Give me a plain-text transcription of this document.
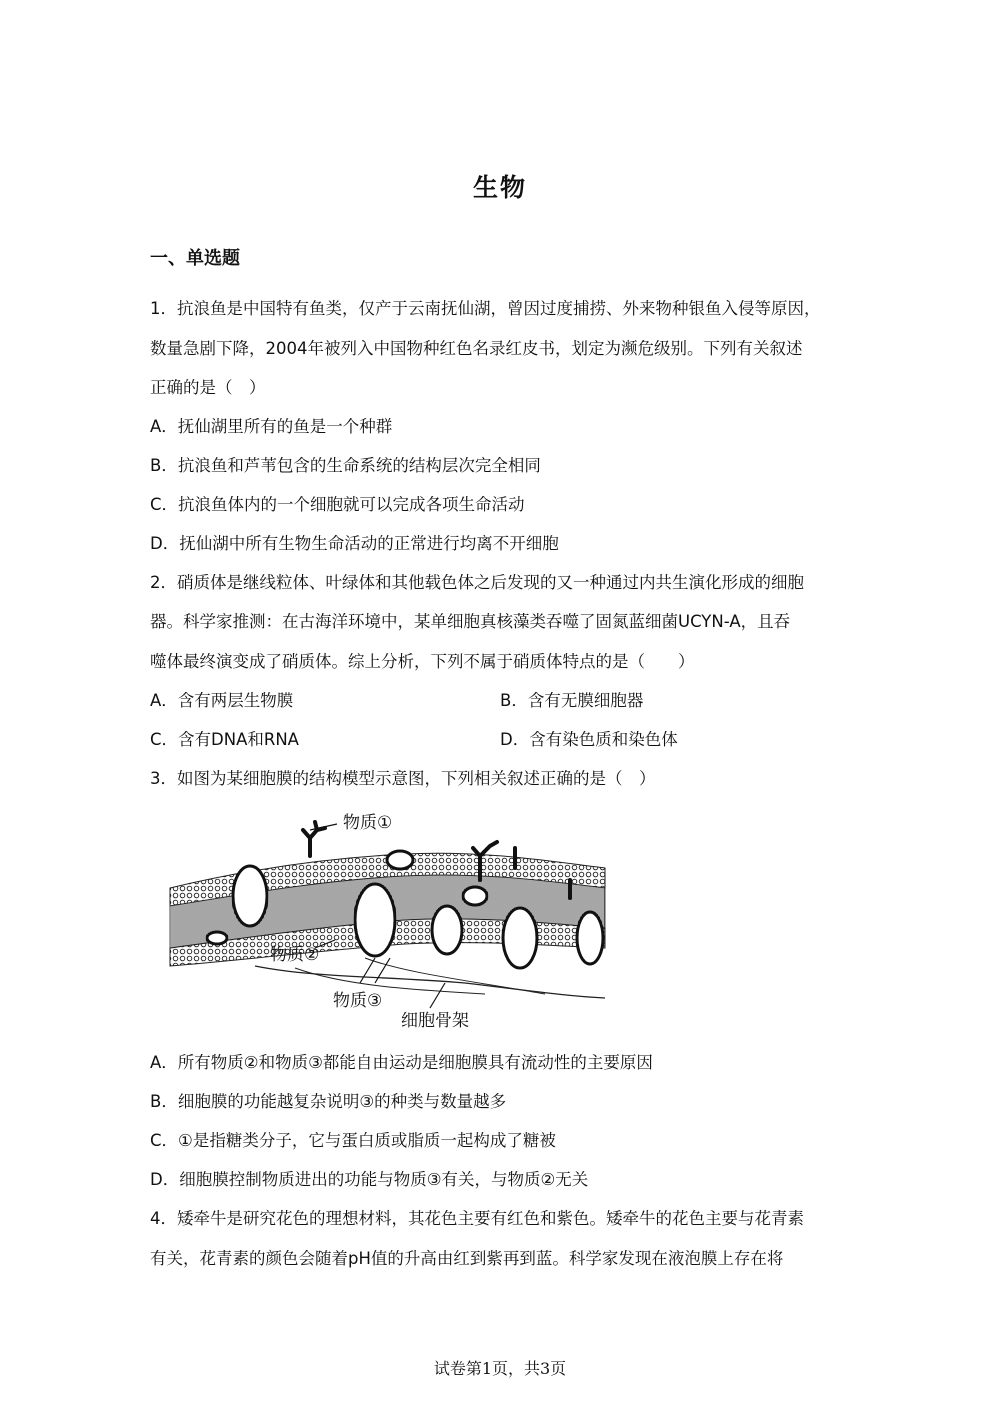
生物
一、单选题
1．抗浪鱼是中国特有鱼类，仅产于云南抚仙湖，曾因过度捕捞、外来物种银鱼入侵等原因，
数量急剧下降，2004年被列入中国物种红色名录红皮书，划定为濒危级别。下列有关叙述
正确的是（　）
A．抚仙湖里所有的鱼是一个种群
B．抗浪鱼和芦苇包含的生命系统的结构层次完全相同
C．抗浪鱼体内的一个细胞就可以完成各项生命活动
D．抚仙湖中所有生物生命活动的正常进行均离不开细胞
2．硝质体是继线粒体、叶绿体和其他载色体之后发现的又一种通过内共生演化形成的细胞
器。科学家推测：在古海洋环境中，某单细胞真核藻类吞噬了固氮蓝细菌UCYN-A，且吞
噬体最终演变成了硝质体。综上分析，下列不属于硝质体特点的是（　　）
A．含有两层生物膜	B．含有无膜细胞器
C．含有DNA和RNA	D．含有染色质和染色体
3．如图为某细胞膜的结构模型示意图，下列相关叙述正确的是（　）
物质①
物质②
物质③
细胞骨架
A．所有物质②和物质③都能自由运动是细胞膜具有流动性的主要原因
B．细胞膜的功能越复杂说明③的种类与数量越多
C．①是指糖类分子，它与蛋白质或脂质一起构成了糖被
D．细胞膜控制物质进出的功能与物质③有关，与物质②无关
4．矮牵牛是研究花色的理想材料，其花色主要有红色和紫色。矮牵牛的花色主要与花青素
有关，花青素的颜色会随着pH值的升高由红到紫再到蓝。科学家发现在液泡膜上存在将
试卷第1页，共3页
